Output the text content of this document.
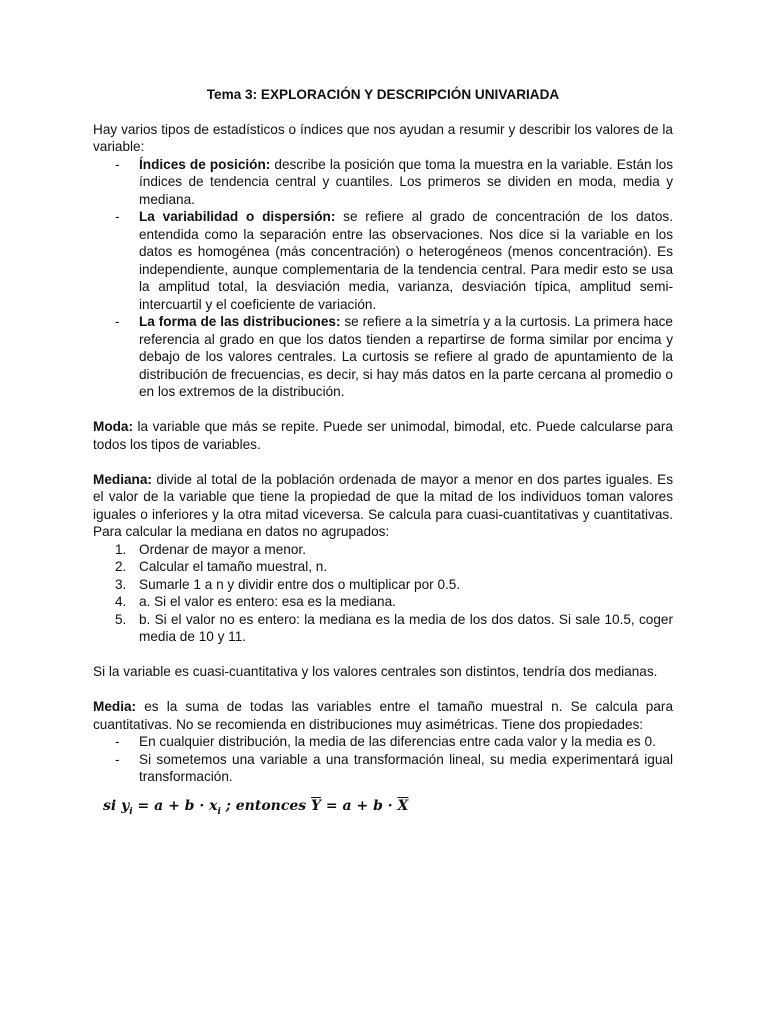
Tema 3: EXPLORACIÓN Y DESCRIPCIÓN UNIVARIADA

Hay varios tipos de estadísticos o índices que nos ayudan a resumir y describir los valores de la variable:

- Índices de posición: describe la posición que toma la muestra en la variable. Están los índices de tendencia central y cuantiles. Los primeros se dividen en moda, media y mediana.
- La variabilidad o dispersión: se refiere al grado de concentración de los datos. entendida como la separación entre las observaciones. Nos dice si la variable en los datos es homogénea (más concentración) o heterogéneos (menos concentración). Es independiente, aunque complementaria de la tendencia central. Para medir esto se usa la amplitud total, la desviación media, varianza, desviación típica, amplitud semi-intercuartil y el coeficiente de variación.
- La forma de las distribuciones: se refiere a la simetría y a la curtosis. La primera hace referencia al grado en que los datos tienden a repartirse de forma similar por encima y debajo de los valores centrales. La curtosis se refiere al grado de apuntamiento de la distribución de frecuencias, es decir, si hay más datos en la parte cercana al promedio o en los extremos de la distribución.

Moda: la variable que más se repite. Puede ser unimodal, bimodal, etc. Puede calcularse para todos los tipos de variables.

Mediana: divide al total de la población ordenada de mayor a menor en dos partes iguales. Es el valor de la variable que tiene la propiedad de que la mitad de los individuos toman valores iguales o inferiores y la otra mitad viceversa. Se calcula para cuasi-cuantitativas y cuantitativas. Para calcular la mediana en datos no agrupados:

1. Ordenar de mayor a menor.
2. Calcular el tamaño muestral, n.
3. Sumarle 1 a n y dividir entre dos o multiplicar por 0.5.
4. a. Si el valor es entero: esa es la mediana.
5. b. Si el valor no es entero: la mediana es la media de los dos datos. Si sale 10.5, coger media de 10 y 11.

Si la variable es cuasi-cuantitativa y los valores centrales son distintos, tendría dos medianas.

Media: es la suma de todas las variables entre el tamaño muestral n. Se calcula para cuantitativas. No se recomienda en distribuciones muy asimétricas. Tiene dos propiedades:

- En cualquier distribución, la media de las diferencias entre cada valor y la media es 0.
- Si sometemos una variable a una transformación lineal, su media experimentará igual transformación.
si $y_i = a + b \cdot x_i$ ; entonces $\overline{Y} = a + b \cdot \overline{X}$
